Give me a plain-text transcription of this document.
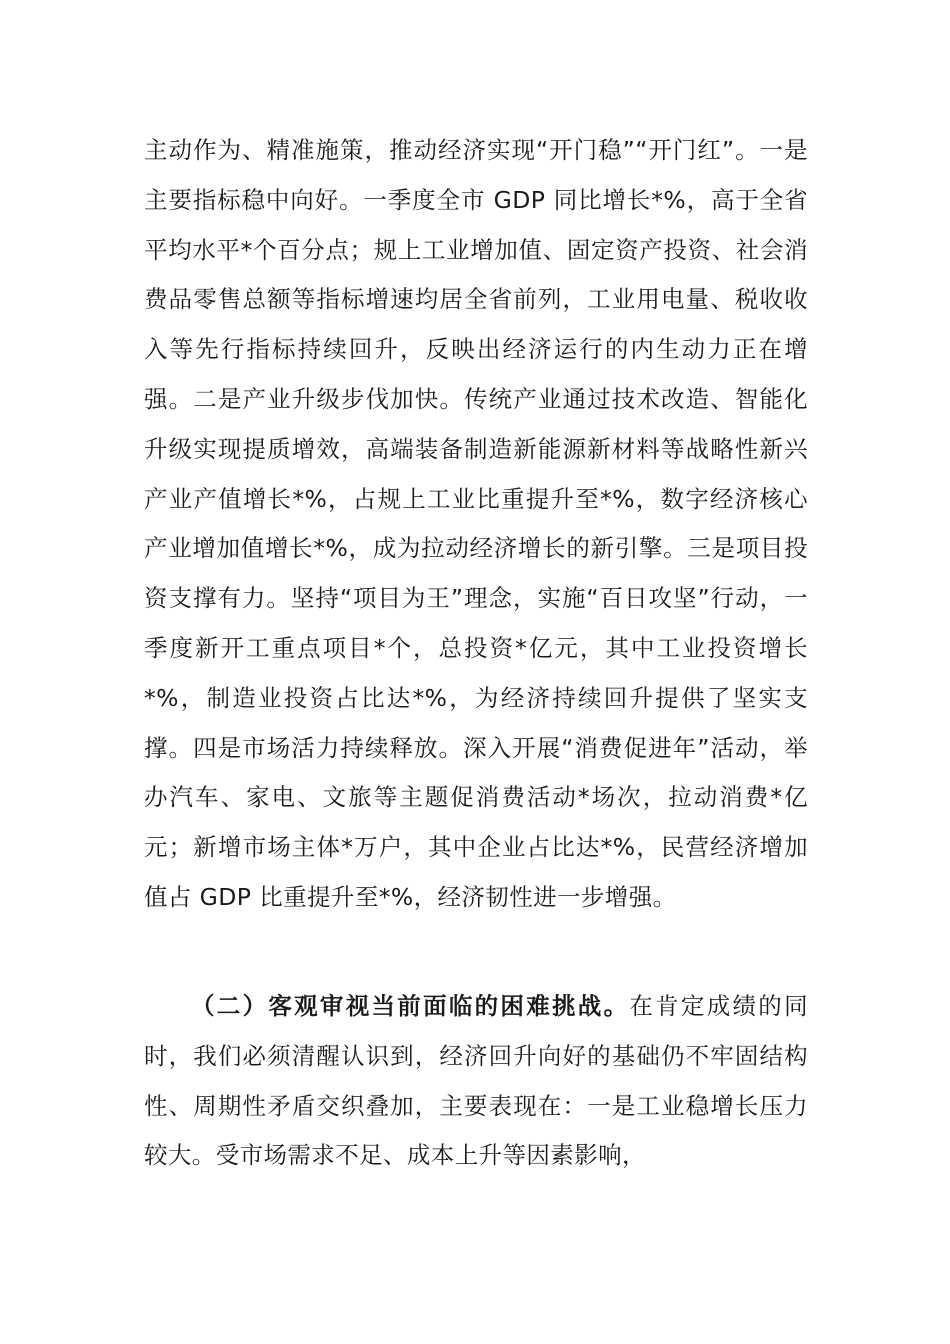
主动作为、精准施策，推动经济实现“开门稳”“开门红”。一是主要指标稳中向好。一季度全市 GDP 同比增长*%，高于全省平均水平*个百分点；规上工业增加值、固定资产投资、社会消费品零售总额等指标增速均居全省前列，工业用电量、税收收入等先行指标持续回升，反映出经济运行的内生动力正在增强。二是产业升级步伐加快。传统产业通过技术改造、智能化升级实现提质增效，高端装备制造新能源新材料等战略性新兴产业产值增长*%，占规上工业比重提升至*%，数字经济核心产业增加值增长*%，成为拉动经济增长的新引擎。三是项目投资支撑有力。坚持“项目为王”理念，实施“百日攻坚”行动，一季度新开工重点项目*个，总投资*亿元，其中工业投资增长*%，制造业投资占比达*%，为经济持续回升提供了坚实支撑。四是市场活力持续释放。深入开展“消费促进年”活动，举办汽车、家电、文旅等主题促消费活动*场次，拉动消费*亿元；新增市场主体*万户，其中企业占比达*%，民营经济增加值占 GDP 比重提升至*%，经济韧性进一步增强。

（二）客观审视当前面临的困难挑战。在肯定成绩的同时，我们必须清醒认识到，经济回升向好的基础仍不牢固结构性、周期性矛盾交织叠加，主要表现在：一是工业稳增长压力较大。受市场需求不足、成本上升等因素影响，
